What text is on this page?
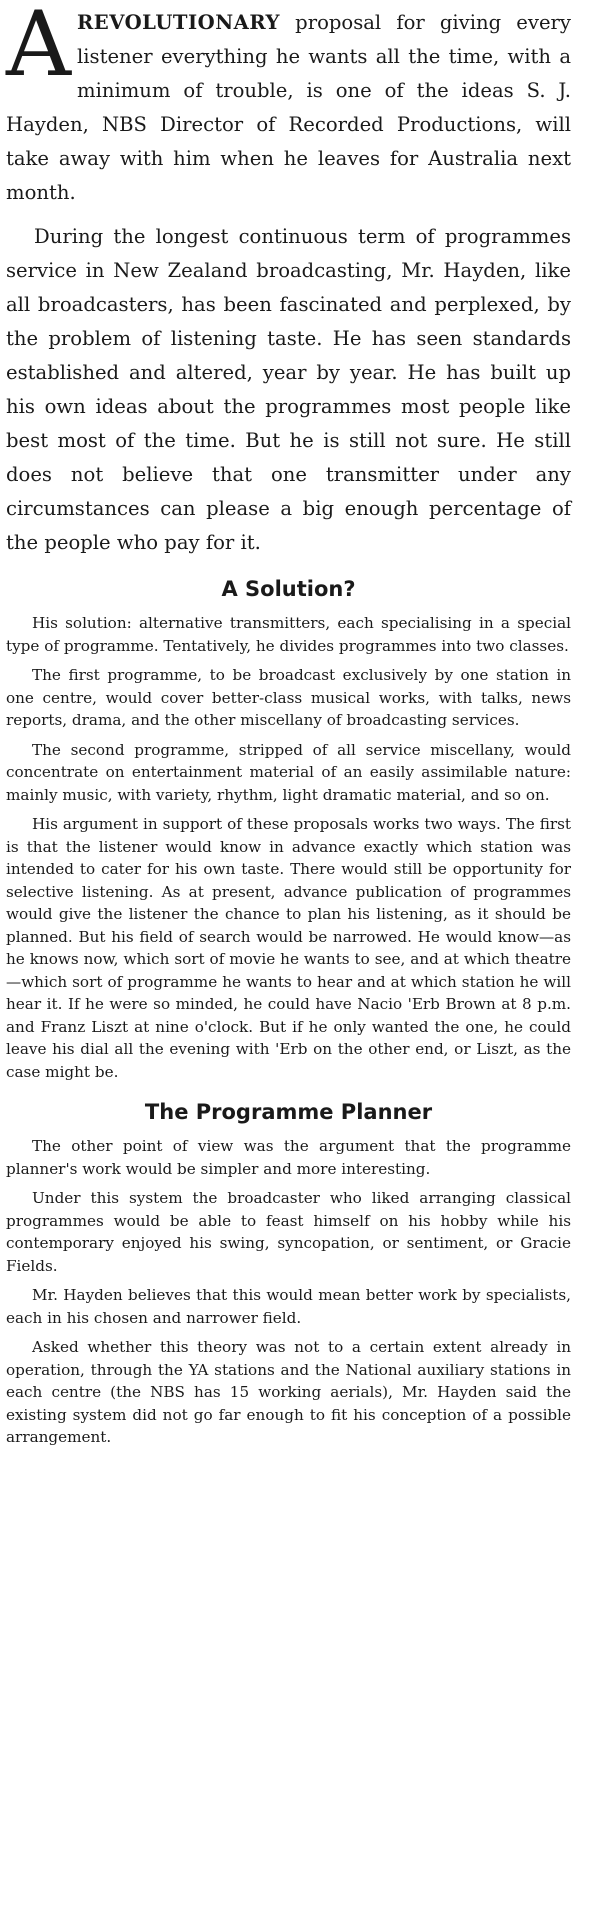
AREVOLUTIONARY proposal for giving every listener everything he wants all the time, with a minimum of trouble, is one of the ideas S. J. Hayden, NBS Director of Recorded Productions, will take away with him when he leaves for Australia next month.

During the longest continuous term of programmes service in New Zealand broadcasting, Mr. Hayden, like all broadcasters, has been fascinated and perplexed, by the problem of listening taste. He has seen standards established and altered, year by year. He has built up his own ideas about the programmes most people like best most of the time. But he is still not sure. He still does not believe that one transmitter under any circumstances can please a big enough percentage of the people who pay for it.

A Solution?

His solution: alternative transmitters, each specialising in a special type of programme. Tentatively, he divides programmes into two classes.

The first programme, to be broadcast exclusively by one station in one centre, would cover better-class musical works, with talks, news reports, drama, and the other miscellany of broadcasting services.

The second programme, stripped of all service miscellany, would concentrate on entertainment material of an easily assimilable nature: mainly music, with variety, rhythm, light dramatic material, and so on.

His argument in support of these proposals works two ways. The first is that the listener would know in advance exactly which station was intended to cater for his own taste. There would still be opportunity for selective listening. As at present, advance publication of programmes would give the listener the chance to plan his listening, as it should be planned. But his field of search would be narrowed. He would know—as he knows now, which sort of movie he wants to see, and at which theatre—which sort of programme he wants to hear and at which station he will hear it. If he were so minded, he could have Nacio 'Erb Brown at 8 p.m. and Franz Liszt at nine o'clock. But if he only wanted the one, he could leave his dial all the evening with 'Erb on the other end, or Liszt, as the case might be.

The Programme Planner

The other point of view was the argument that the programme planner's work would be simpler and more interesting.

Under this system the broadcaster who liked arranging classical programmes would be able to feast himself on his hobby while his contemporary enjoyed his swing, syncopation, or sentiment, or Gracie Fields.

Mr. Hayden believes that this would mean better work by specialists, each in his chosen and narrower field.

Asked whether this theory was not to a certain extent already in operation, through the YA stations and the National auxiliary stations in each centre (the NBS has 15 working aerials), Mr. Hayden said the existing system did not go far enough to fit his conception of a possible arrangement.
